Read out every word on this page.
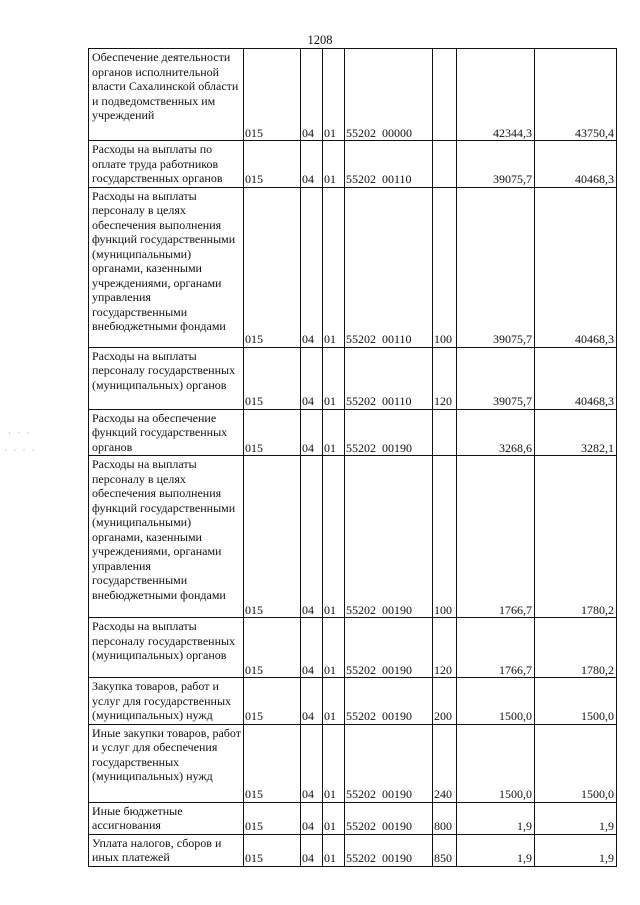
1208
Обеспечение деятельности органов исполнительной власти Сахалинской области и подведомственных им учреждений	015	04	01	55202 00000		42344,3	43750,4
Расходы на выплаты по оплате труда работников государственных органов	015	04	01	55202 00110		39075,7	40468,3
Расходы на выплаты персоналу в целях обеспечения выполнения функций государственными (муниципальными) органами, казенными учреждениями, органами управления государственными внебюджетными фондами	015	04	01	55202 00110	100	39075,7	40468,3
Расходы на выплаты персоналу государственных (муниципальных) органов	015	04	01	55202 00110	120	39075,7	40468,3
Расходы на обеспечение функций государственных органов	015	04	01	55202 00190		3268,6	3282,1
Расходы на выплаты персоналу в целях обеспечения выполнения функций государственными (муниципальными) органами, казенными учреждениями, органами управления государственными внебюджетными фондами	015	04	01	55202 00190	100	1766,7	1780,2
Расходы на выплаты персоналу государственных (муниципальных) органов	015	04	01	55202 00190	120	1766,7	1780,2
Закупка товаров, работ и услуг для государственных (муниципальных) нужд	015	04	01	55202 00190	200	1500,0	1500,0
Иные закупки товаров, работ и услуг для обеспечения государственных (муниципальных) нужд	015	04	01	55202 00190	240	1500,0	1500,0
Иные бюджетные ассигнования	015	04	01	55202 00190	800	1,9	1,9
Уплата налогов, сборов и иных платежей	015	04	01	55202 00190	850	1,9	1,9
· · ·
· · · ·
